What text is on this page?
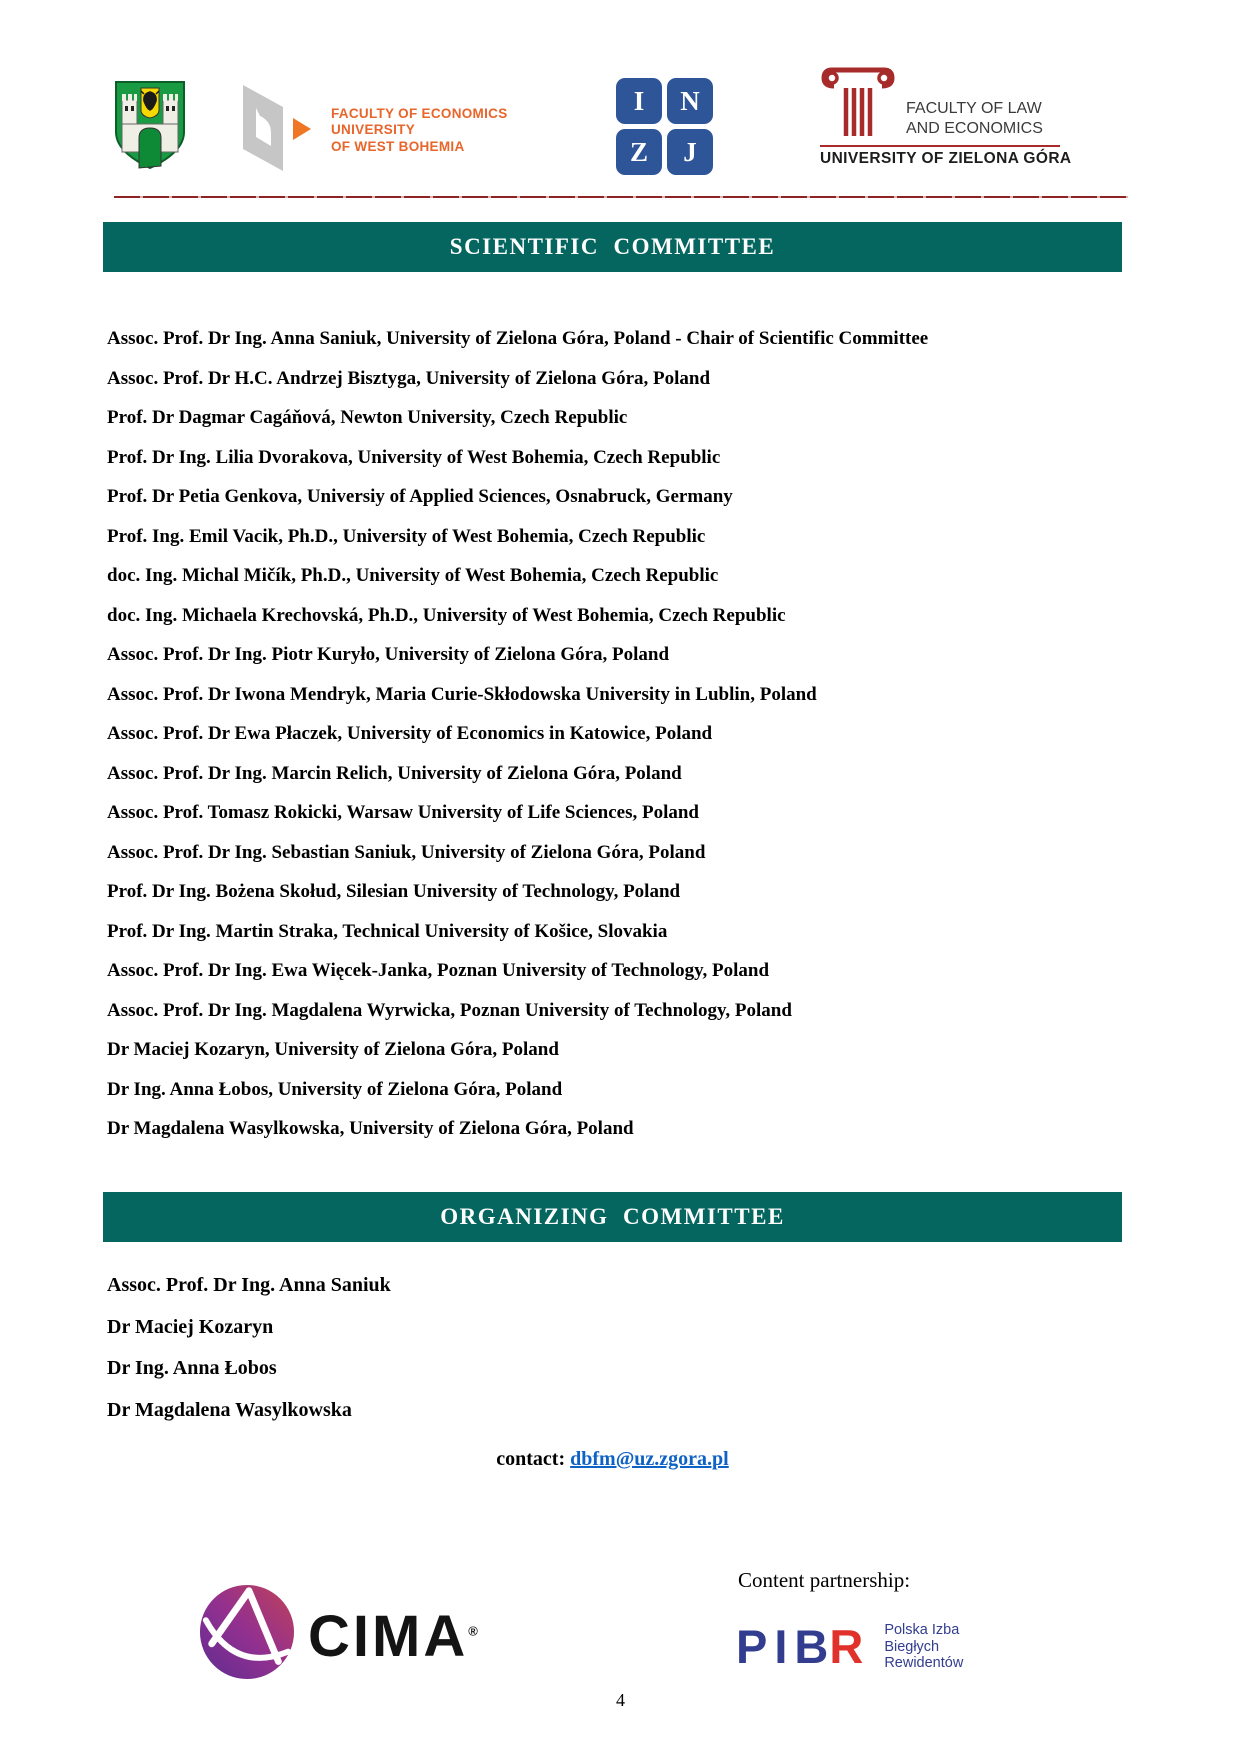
FACULTY OF ECONOMICS
UNIVERSITY
OF WEST BOHEMIA
I N
Z J
FACULTY OF LAW
AND ECONOMICS
UNIVERSITY OF ZIELONA GÓRA
SCIENTIFIC  COMMITTEE
Assoc. Prof. Dr Ing. Anna Saniuk, University of Zielona Góra, Poland - Chair of Scientific Committee
Assoc. Prof. Dr H.C. Andrzej Bisztyga, University of Zielona Góra, Poland
Prof. Dr Dagmar Cagáňová, Newton University, Czech Republic
Prof. Dr Ing. Lilia Dvorakova, University of West Bohemia, Czech Republic
Prof. Dr Petia Genkova, Universiy of Applied Sciences, Osnabruck, Germany
Prof. Ing. Emil Vacik, Ph.D., University of West Bohemia, Czech Republic
doc. Ing. Michal Mičík, Ph.D., University of West Bohemia, Czech Republic
doc. Ing. Michaela Krechovská, Ph.D., University of West Bohemia, Czech Republic
Assoc. Prof. Dr Ing. Piotr Kuryło, University of Zielona Góra, Poland
Assoc. Prof. Dr Iwona Mendryk, Maria Curie-Skłodowska University in Lublin, Poland
Assoc. Prof. Dr Ewa Płaczek, University of Economics in Katowice, Poland
Assoc. Prof. Dr Ing. Marcin Relich, University of Zielona Góra, Poland
Assoc. Prof. Tomasz Rokicki, Warsaw University of Life Sciences, Poland
Assoc. Prof. Dr Ing. Sebastian Saniuk, University of Zielona Góra, Poland
Prof. Dr Ing. Bożena Skołud, Silesian University of Technology, Poland
Prof. Dr Ing. Martin Straka, Technical University of Košice, Slovakia
Assoc. Prof. Dr Ing. Ewa Więcek-Janka, Poznan University of Technology, Poland
Assoc. Prof. Dr Ing. Magdalena Wyrwicka, Poznan University of Technology, Poland
Dr Maciej Kozaryn, University of Zielona Góra, Poland
Dr Ing. Anna Łobos, University of Zielona Góra, Poland
Dr Magdalena Wasylkowska, University of Zielona Góra, Poland
ORGANIZING  COMMITTEE
Assoc. Prof. Dr Ing. Anna Saniuk
Dr Maciej Kozaryn
Dr Ing. Anna Łobos
Dr Magdalena Wasylkowska
contact: dbfm@uz.zgora.pl
CIMA®
Content partnership:
PIBR Polska Izba
Biegłych
Rewidentów
4
